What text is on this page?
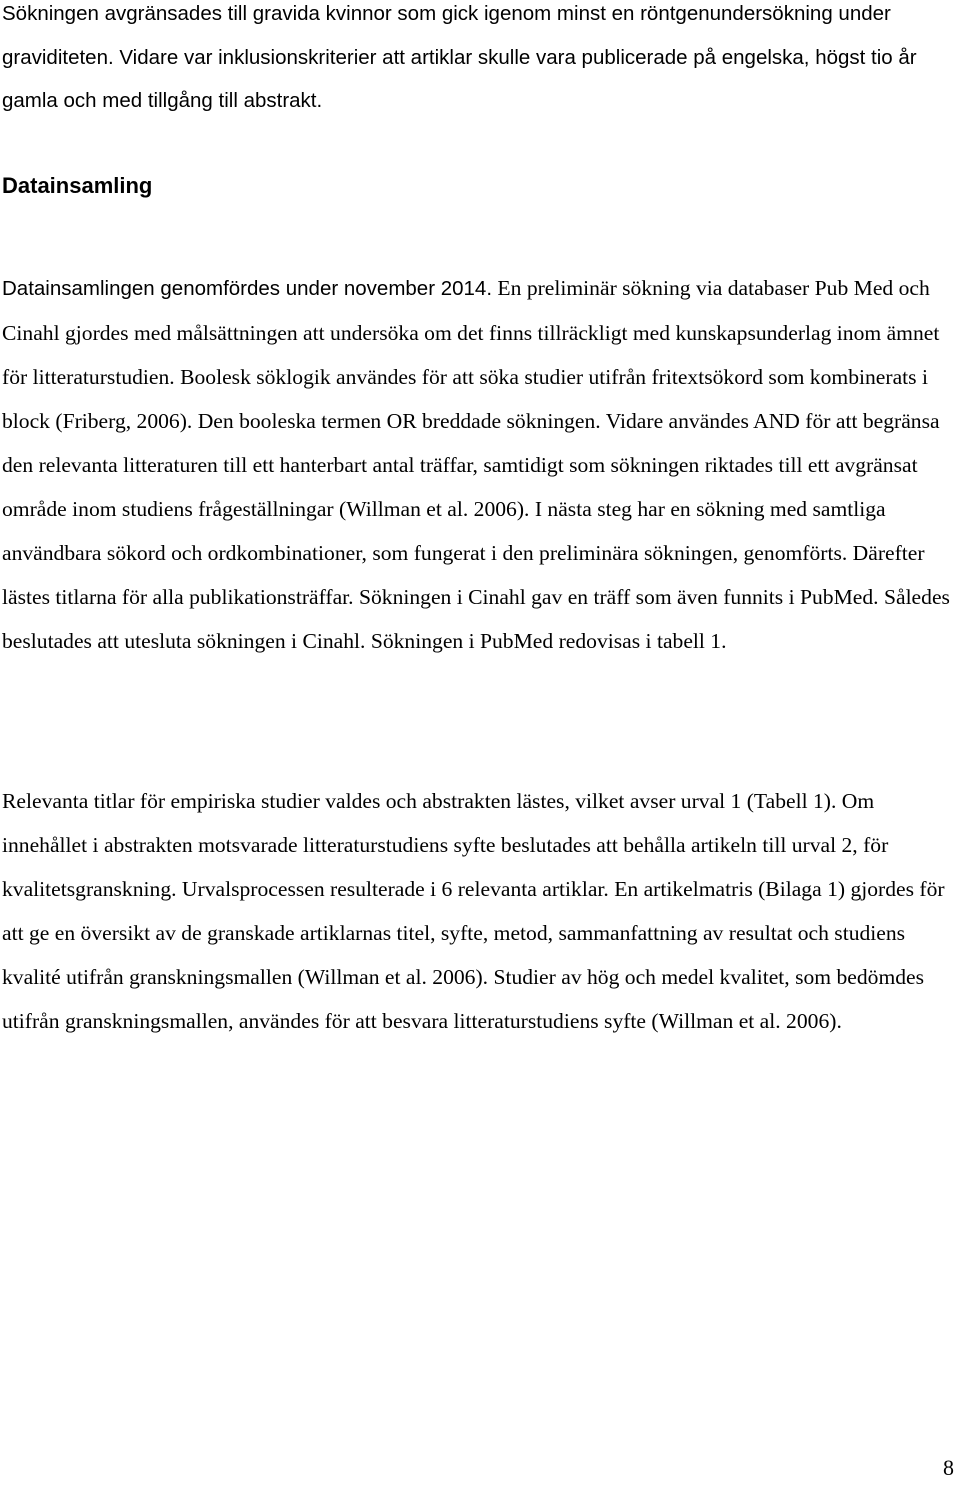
Sökningen avgränsades till gravida kvinnor som gick igenom minst en röntgenundersökning under graviditeten. Vidare var inklusionskriterier att artiklar skulle vara publicerade på engelska, högst tio år gamla och med tillgång till abstrakt.

Datainsamling

Datainsamlingen genomfördes under november 2014. En preliminär sökning via databaser Pub Med och Cinahl gjordes med målsättningen att undersöka om det finns tillräckligt med kunskapsunderlag inom ämnet för litteraturstudien. Boolesk söklogik användes för att söka studier utifrån fritextsökord som kombinerats i block (Friberg, 2006). Den booleska termen OR breddade sökningen. Vidare användes AND för att begränsa den relevanta litteraturen till ett hanterbart antal träffar, samtidigt som sökningen riktades till ett avgränsat område inom studiens frågeställningar (Willman et al. 2006). I nästa steg har en sökning med samtliga användbara sökord och ordkombinationer, som fungerat i den preliminära sökningen, genomförts. Därefter lästes titlarna för alla publikationsträffar. Sökningen i Cinahl gav en träff som även funnits i PubMed. Således beslutades att utesluta sökningen i Cinahl. Sökningen i PubMed redovisas i tabell 1.

Relevanta titlar för empiriska studier valdes och abstrakten lästes, vilket avser urval 1 (Tabell 1). Om innehållet i abstrakten motsvarade litteraturstudiens syfte beslutades att behålla artikeln till urval 2, för kvalitetsgranskning. Urvalsprocessen resulterade i 6 relevanta artiklar. En artikelmatris (Bilaga 1) gjordes för att ge en översikt av de granskade artiklarnas titel, syfte, metod, sammanfattning av resultat och studiens kvalité utifrån granskningsmallen (Willman et al. 2006). Studier av hög och medel kvalitet, som bedömdes utifrån granskningsmallen, användes för att besvara litteraturstudiens syfte (Willman et al. 2006).

8
